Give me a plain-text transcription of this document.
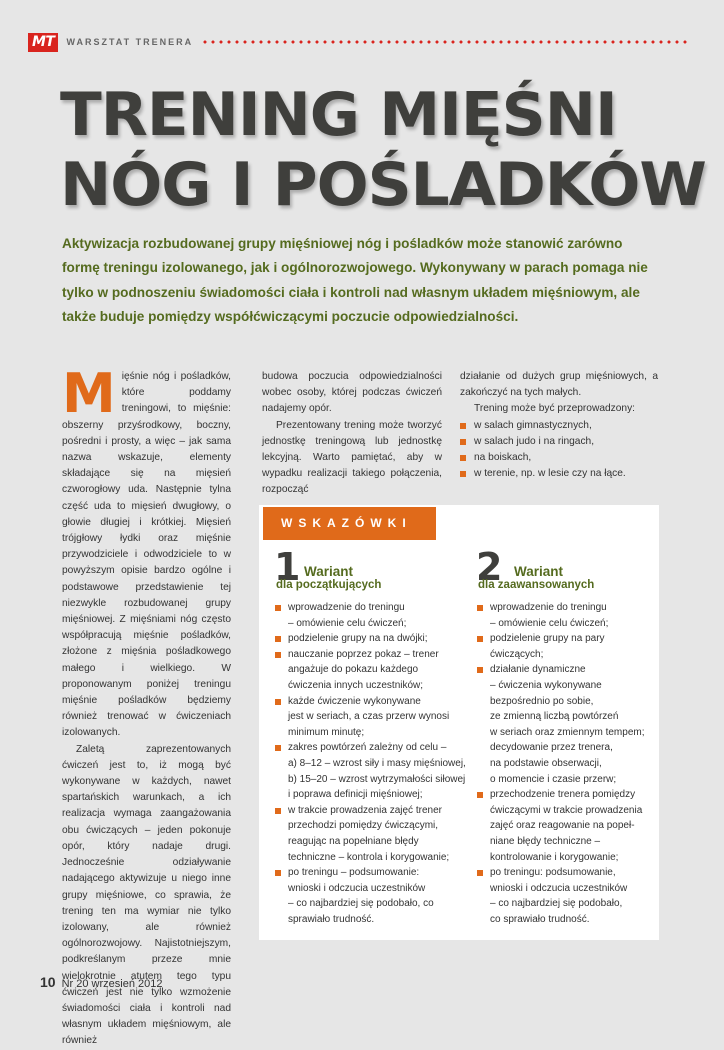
MT	WARSZTAT TRENERA
TRENING MIĘŚNI
NÓG I POŚLADKÓW

Aktywizacja rozbudowanej grupy mięśniowej nóg i pośladków może stanowić zarówno formę treningu izolowanego, jak i ogólnorozwojowego. Wykonywany w parach pomaga nie tylko w podnoszeniu świadomości ciała i kontroli nad własnym układem mięśniowym, ale także buduje pomiędzy współćwiczącymi poczucie odpowiedzialności.

M ięśnie nóg i pośladków, które poddamy treningowi, to mięśnie: obszerny przyśrodkowy, boczny, pośredni i prosty, a więc – jak sama nazwa wskazuje, elementy składające się na mięsień czworogłowy uda. Następnie tylna część uda to mięsień dwugłowy, o głowie długiej i krótkiej. Mięsień trójgłowy łydki oraz mięśnie przywodziciele i odwodziciele to w powyższym opisie bardzo ogólne i podstawowe przedstawienie tej niezwykle rozbudowanej grupy mięśniowej. Z mięśniami nóg często współpracują mięśnie pośladków, złożone z mięśnia pośladkowego małego i wielkiego. W proponowanym poniżej treningu mięśnie pośladków będziemy również trenować w ćwiczeniach izolowanych.

Zaletą zaprezentowanych ćwiczeń jest to, iż mogą być wykonywane w każdych, nawet spartańskich warunkach, a ich realizacja wymaga zaangażowania obu ćwiczących – jeden pokonuje opór, który nadaje drugi. Jednocześnie odziaływanie nadającego aktywizuje u niego inne grupy mięśniowe, co sprawia, że trening ten ma wymiar nie tylko izolowany, ale również ogólnorozwojowy. Najistotniejszym, podkreślanym przeze mnie wielokrotnie atutem tego typu ćwiczeń jest nie tylko wzmożenie świadomości ciała i kontroli nad własnym układem mięśniowym, ale również

budowa poczucia odpowiedzialności wobec osoby, której podczas ćwiczeń nadajemy opór.

Prezentowany trening może tworzyć jednostkę treningową lub jednostkę lekcyjną. Warto pamiętać, aby w wypadku realizacji takiego połączenia, rozpocząć

działanie od dużych grup mięśniowych, a zakończyć na tych małych.

Trening może być przeprowadzony:

w salach gimnastycznych,
w salach judo i na ringach,
na boiskach,
w terenie, np. w lesie czy na łące.
WSKAZÓWKI
1 Wariant
dla początkujących
wprowadzenie do treningu
– omówienie celu ćwiczeń;
podzielenie grupy na na dwójki;
nauczanie poprzez pokaz – trener
angażuje do pokazu każdego
ćwiczenia innych uczestników;
każde ćwiczenie wykonywane
jest w seriach, a czas przerw wynosi
minimum minutę;
zakres powtórzeń zależny od celu –
a) 8–12 – wzrost siły i masy mięśniowej,
b) 15–20 – wzrost wytrzymałości siłowej
i poprawa definicji mięśniowej;
w trakcie prowadzenia zajęć trener
przechodzi pomiędzy ćwiczącymi,
reagując na popełniane błędy
techniczne – kontrola i korygowanie;
po treningu – podsumowanie:
wnioski i odczucia uczestników
– co najbardziej się podobało, co
sprawiało trudność.
2 Wariant
dla zaawansowanych
wprowadzenie do treningu
– omówienie celu ćwiczeń;
podzielenie grupy na pary
ćwiczących;
działanie dynamiczne
– ćwiczenia wykonywane
bezpośrednio po sobie,
ze zmienną liczbą powtórzeń
w seriach oraz zmiennym tempem;
decydowanie przez trenera,
na podstawie obserwacji,
o momencie i czasie przerw;
przechodzenie trenera pomiędzy
ćwiczącymi w trakcie prowadzenia
zajęć oraz reagowanie na popeł-
niane błędy techniczne –
kontrolowanie i korygowanie;
po treningu: podsumowanie,
wnioski i odczucia uczestników
– co najbardziej się podobało,
co sprawiało trudność.
10 Nr 20 wrzesień 2012
